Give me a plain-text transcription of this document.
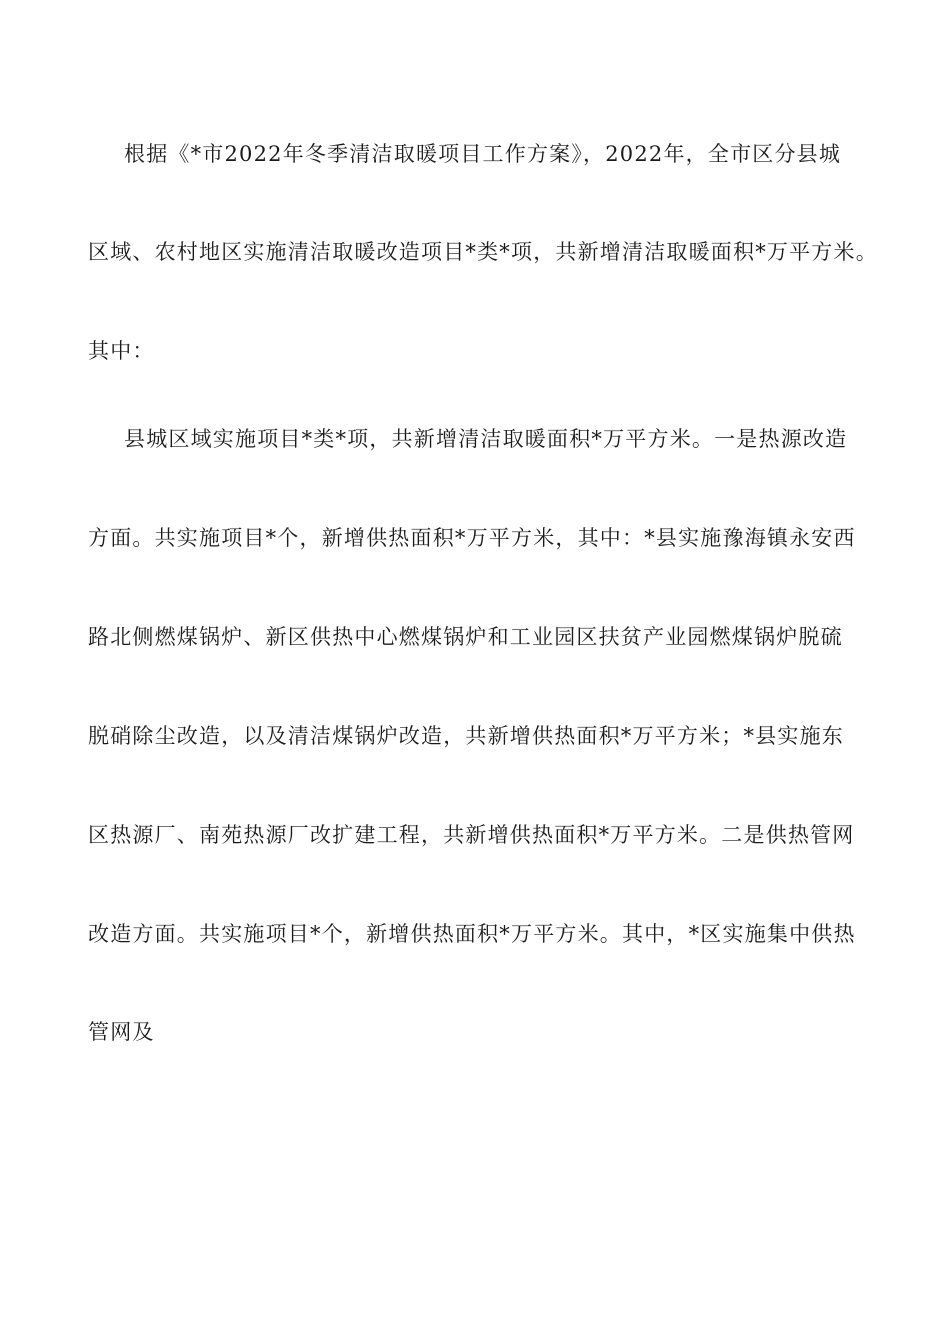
根据《*市2022年冬季清洁取暖项目工作方案》，2022年，全市区分县城
区域、农村地区实施清洁取暖改造项目*类*项，共新增清洁取暖面积*万平方米。
其中：
县城区域实施项目*类*项，共新增清洁取暖面积*万平方米。一是热源改造
方面。共实施项目*个，新增供热面积*万平方米，其中：*县实施豫海镇永安西
路北侧燃煤锅炉、新区供热中心燃煤锅炉和工业园区扶贫产业园燃煤锅炉脱硫
脱硝除尘改造，以及清洁煤锅炉改造，共新增供热面积*万平方米；*县实施东
区热源厂、南苑热源厂改扩建工程，共新增供热面积*万平方米。二是供热管网
改造方面。共实施项目*个，新增供热面积*万平方米。其中，*区实施集中供热
管网及
